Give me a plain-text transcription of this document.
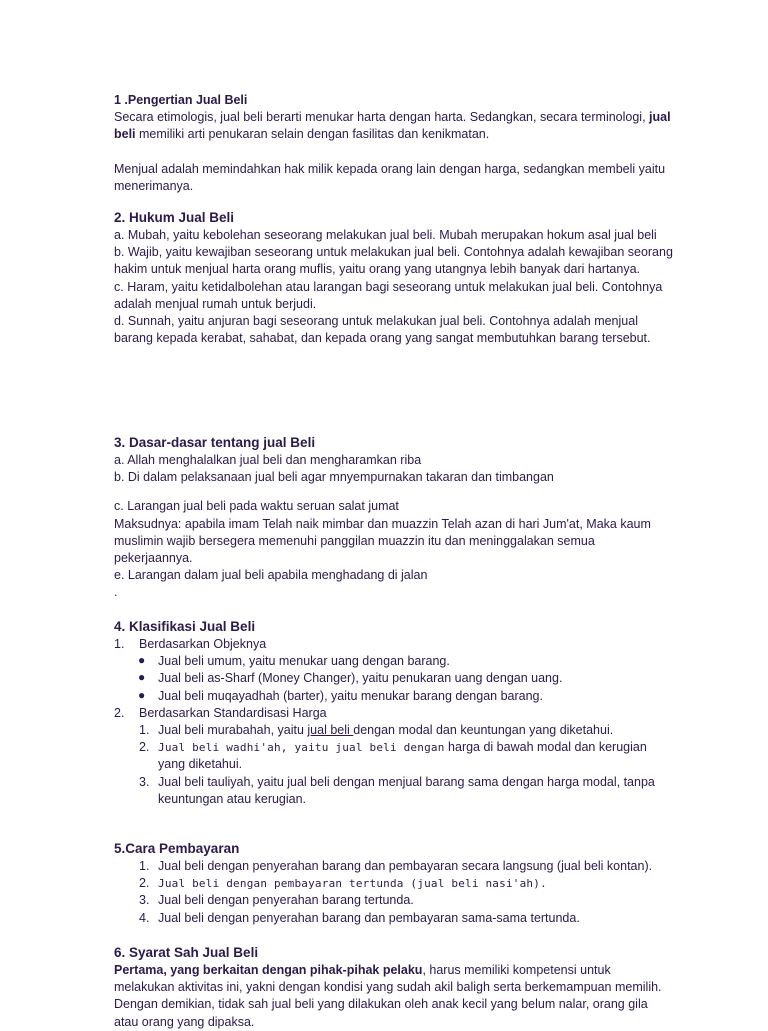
1 .Pengertian Jual Beli

Secara etimologis, jual beli berarti menukar harta dengan harta. Sedangkan, secara terminologi, jual beli memiliki arti penukaran selain dengan fasilitas dan kenikmatan.

Menjual adalah memindahkan hak milik kepada orang lain dengan harga, sedangkan membeli yaitu menerimanya.

2. Hukum Jual Beli

a. Mubah, yaitu kebolehan seseorang melakukan jual beli. Mubah merupakan hokum asal jual beli

b. Wajib, yaitu kewajiban seseorang untuk melakukan jual beli. Contohnya adalah kewajiban seorang hakim untuk menjual harta orang muflis, yaitu orang yang utangnya lebih banyak dari hartanya.

c. Haram, yaitu ketidalbolehan atau larangan bagi seseorang untuk melakukan jual beli. Contohnya adalah menjual rumah untuk berjudi.

d. Sunnah, yaitu anjuran bagi seseorang untuk melakukan jual beli. Contohnya adalah menjual barang kepada kerabat, sahabat, dan kepada orang yang sangat membutuhkan barang tersebut.

3. Dasar-dasar tentang jual Beli

a. Allah menghalalkan jual beli dan mengharamkan riba

b. Di dalam pelaksanaan jual beli agar mnyempurnakan takaran dan timbangan

c. Larangan jual beli pada waktu seruan salat jumat

Maksudnya: apabila imam Telah naik mimbar dan muazzin Telah azan di hari Jum'at, Maka kaum muslimin wajib bersegera memenuhi panggilan muazzin itu dan meninggalakan semua pekerjaannya.

e. Larangan dalam jual beli apabila menghadang di jalan

.

4. Klasifikasi Jual Beli

1.	Berdasarkan Objeknya

● Jual beli umum, yaitu menukar uang dengan barang.
● Jual beli as-Sharf (Money Changer), yaitu penukaran uang dengan uang.
● Jual beli muqayadhah (barter), yaitu menukar barang dengan barang.
2.	Berdasarkan Standardisasi Harga

1. Jual beli murabahah, yaitu jual beli dengan modal dan keuntungan yang diketahui.
2. Jual beli wadhi'ah, yaitu jual beli dengan harga di bawah modal dan kerugian yang diketahui.
3. Jual beli tauliyah, yaitu jual beli dengan menjual barang sama dengan harga modal, tanpa keuntungan atau kerugian.

5.Cara Pembayaran

1. Jual beli dengan penyerahan barang dan pembayaran secara langsung (jual beli kontan).
2. Jual beli dengan pembayaran tertunda (jual beli nasi'ah).
3. Jual beli dengan penyerahan barang tertunda.
4. Jual beli dengan penyerahan barang dan pembayaran sama-sama tertunda.

6. Syarat Sah Jual Beli

Pertama, yang berkaitan dengan pihak-pihak pelaku, harus memiliki kompetensi untuk melakukan aktivitas ini, yakni dengan kondisi yang sudah akil baligh serta berkemampuan memilih. Dengan demikian, tidak sah jual beli yang dilakukan oleh anak kecil yang belum nalar, orang gila atau orang yang dipaksa.
